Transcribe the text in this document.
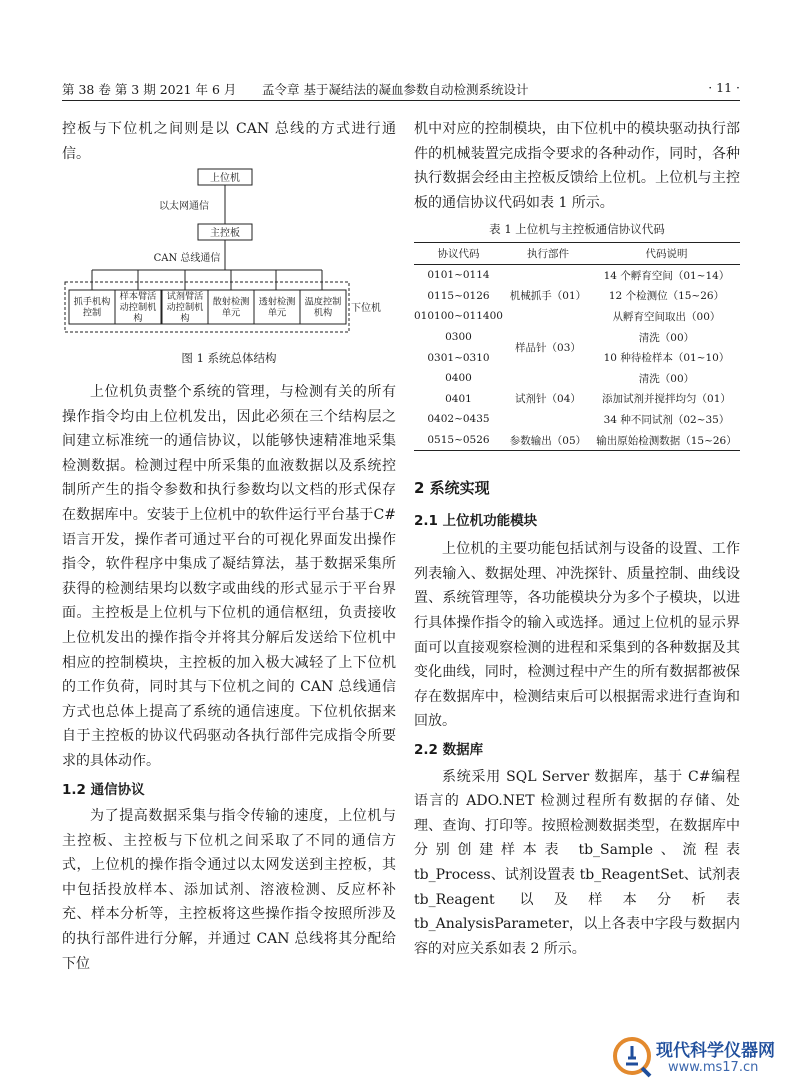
第 38 卷 第 3 期 2021 年 6 月 孟令章 基于凝结法的凝血参数自动检测系统设计	· 11 ·

控板与下位机之间则是以 CAN 总线的方式进行通信。

上位机
以太网通信
主控板
CAN 总线通信
下位机
抓手机构
控制
样本臂活
动控制机
构
试剂臂活
动控制机
构
散射检测
单元
透射检测
单元
温度控制
机构
图 1 系统总体结构

上位机负责整个系统的管理，与检测有关的所有操作指令均由上位机发出，因此必须在三个结构层之间建立标准统一的通信协议，以能够快速精准地采集检测数据。检测过程中所采集的血液数据以及系统控制所产生的指令参数和执行参数均以文档的形式保存在数据库中。安装于上位机中的软件运行平台基于C#语言开发，操作者可通过平台的可视化界面发出操作指令，软件程序中集成了凝结算法，基于数据采集所获得的检测结果均以数字或曲线的形式显示于平台界面。主控板是上位机与下位机的通信枢纽，负责接收上位机发出的操作指令并将其分解后发送给下位机中相应的控制模块，主控板的加入极大减轻了上下位机的工作负荷，同时其与下位机之间的 CAN 总线通信方式也总体上提高了系统的通信速度。下位机依据来自于主控板的协议代码驱动各执行部件完成指令所要求的具体动作。

1.2 通信协议

为了提高数据采集与指令传输的速度，上位机与主控板、主控板与下位机之间采取了不同的通信方式，上位机的操作指令通过以太网发送到主控板，其中包括投放样本、添加试剂、溶液检测、反应杯补充、样本分析等，主控板将这些操作指令按照所涉及的执行部件进行分解，并通过 CAN 总线将其分配给下位

机中对应的控制模块，由下位机中的模块驱动执行部件的机械装置完成指令要求的各种动作，同时，各种执行数据会经由主控板反馈给上位机。上位机与主控板的通信协议代码如表 1 所示。

表 1 上位机与主控板通信协议代码
协议代码	执行部件	代码说明
0101~0114	机械抓手（01）	14 个孵育空间（01~14）
0115~0126		12 个检测位（15~26）
010100~011400		从孵育空间取出（00）
0300	样品针（03）	清洗（00）
0301~0310		10 种待检样本（01~10）
0400	试剂针（04）	清洗（00）
0401		添加试剂并搅拌均匀（01）
0402~0435		34 种不同试剂（02~35）
0515~0526	参数输出（05）	输出原始检测数据（15~26）
2 系统实现
2.1 上位机功能模块

上位机的主要功能包括试剂与设备的设置、工作列表输入、数据处理、冲洗探针、质量控制、曲线设置、系统管理等，各功能模块分为多个子模块，以进行具体操作指令的输入或选择。通过上位机的显示界面可以直接观察检测的进程和采集到的各种数据及其变化曲线，同时，检测过程中产生的所有数据都被保存在数据库中，检测结束后可以根据需求进行查询和回放。

2.2 数据库

系统采用 SQL Server 数据库，基于 C#编程语言的 ADO.NET 检测过程所有数据的存储、处理、查询、打印等。按照检测数据类型，在数据库中分别创建样本表 tb_Sample、流程表 tb_Process、试剂设置表 tb_ReagentSet、试剂表 tb_Reagent 以及样本分析表 tb_AnalysisParameter，以上各表中字段与数据内容的对应关系如表 2 所示。

现代科学仪器网
www.ms17.cn
